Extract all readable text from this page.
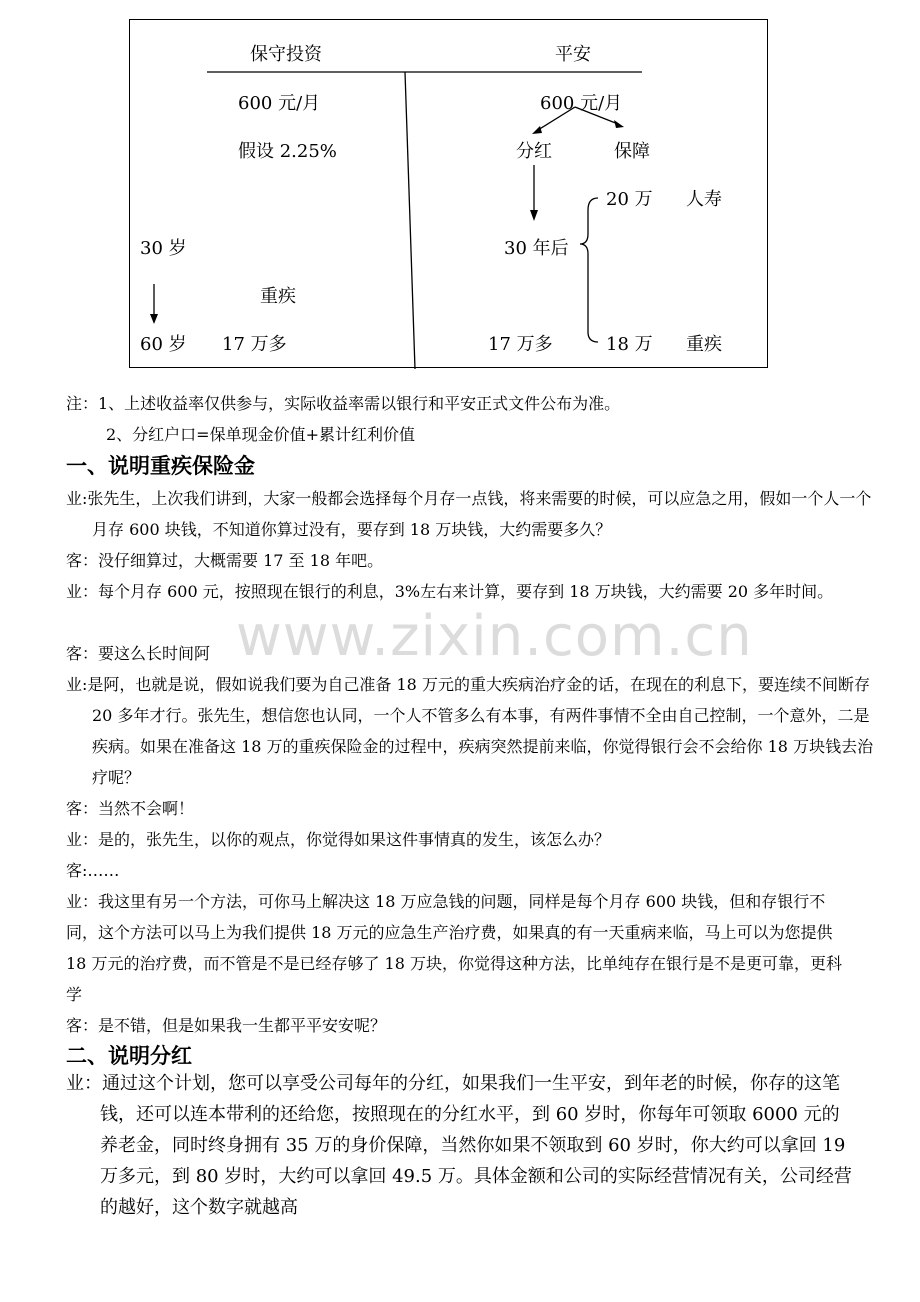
保守投资	平安
600 元/月
假设 2.25%
30 岁
重疾
60 岁 17 万多
600 元/月
分红	保障
30 年后
17 万多
20 万 人寿
18 万 重疾
www.zixin.com.cn
注：1、上述收益率仅供参与，实际收益率需以银行和平安正式文件公布为准。
2、分红户口=保单现金价值+累计红利价值
一、说明重疾保险金
业:张先生，上次我们讲到，大家一般都会选择每个月存一点钱，将来需要的时候，可以应急之用，假如一个人一个月存 600 块钱，不知道你算过没有，要存到 18 万块钱，大约需要多久？
客：没仔细算过，大概需要 17 至 18 年吧。
业：每个月存 600 元，按照现在银行的利息，3%左右来计算，要存到 18 万块钱，大约需要 20 多年时间。
客：要这么长时间阿
业:是阿，也就是说，假如说我们要为自己准备 18 万元的重大疾病治疗金的话，在现在的利息下，要连续不间断存 20 多年才行。张先生，想信您也认同，一个人不管多么有本事，有两件事情不全由自己控制，一个意外，二是疾病。如果在准备这 18 万的重疾保险金的过程中，疾病突然提前来临，你觉得银行会不会给你 18 万块钱去治疗呢？
客：当然不会啊！
业：是的，张先生，以你的观点，你觉得如果这件事情真的发生，该怎么办？
客:……
业：我这里有另一个方法，可你马上解决这 18 万应急钱的问题，同样是每个月存 600 块钱，但和存银行不同，这个方法可以马上为我们提供 18 万元的应急生产治疗费，如果真的有一天重病来临，马上可以为您提供 18 万元的治疗费，而不管是不是已经存够了 18 万块，你觉得这种方法，比单纯存在银行是不是更可靠，更科学
客：是不错，但是如果我一生都平平安安呢？
二、说明分红
业：通过这个计划，您可以享受公司每年的分红，如果我们一生平安，到年老的时候，你存的这笔钱，还可以连本带利的还给您，按照现在的分红水平，到 60 岁时，你每年可领取 6000 元的养老金，同时终身拥有 35 万的身价保障，当然你如果不领取到 60 岁时，你大约可以拿回 19 万多元，到 80 岁时，大约可以拿回 49.5 万。具体金额和公司的实际经营情况有关，公司经营的越好，这个数字就越高
